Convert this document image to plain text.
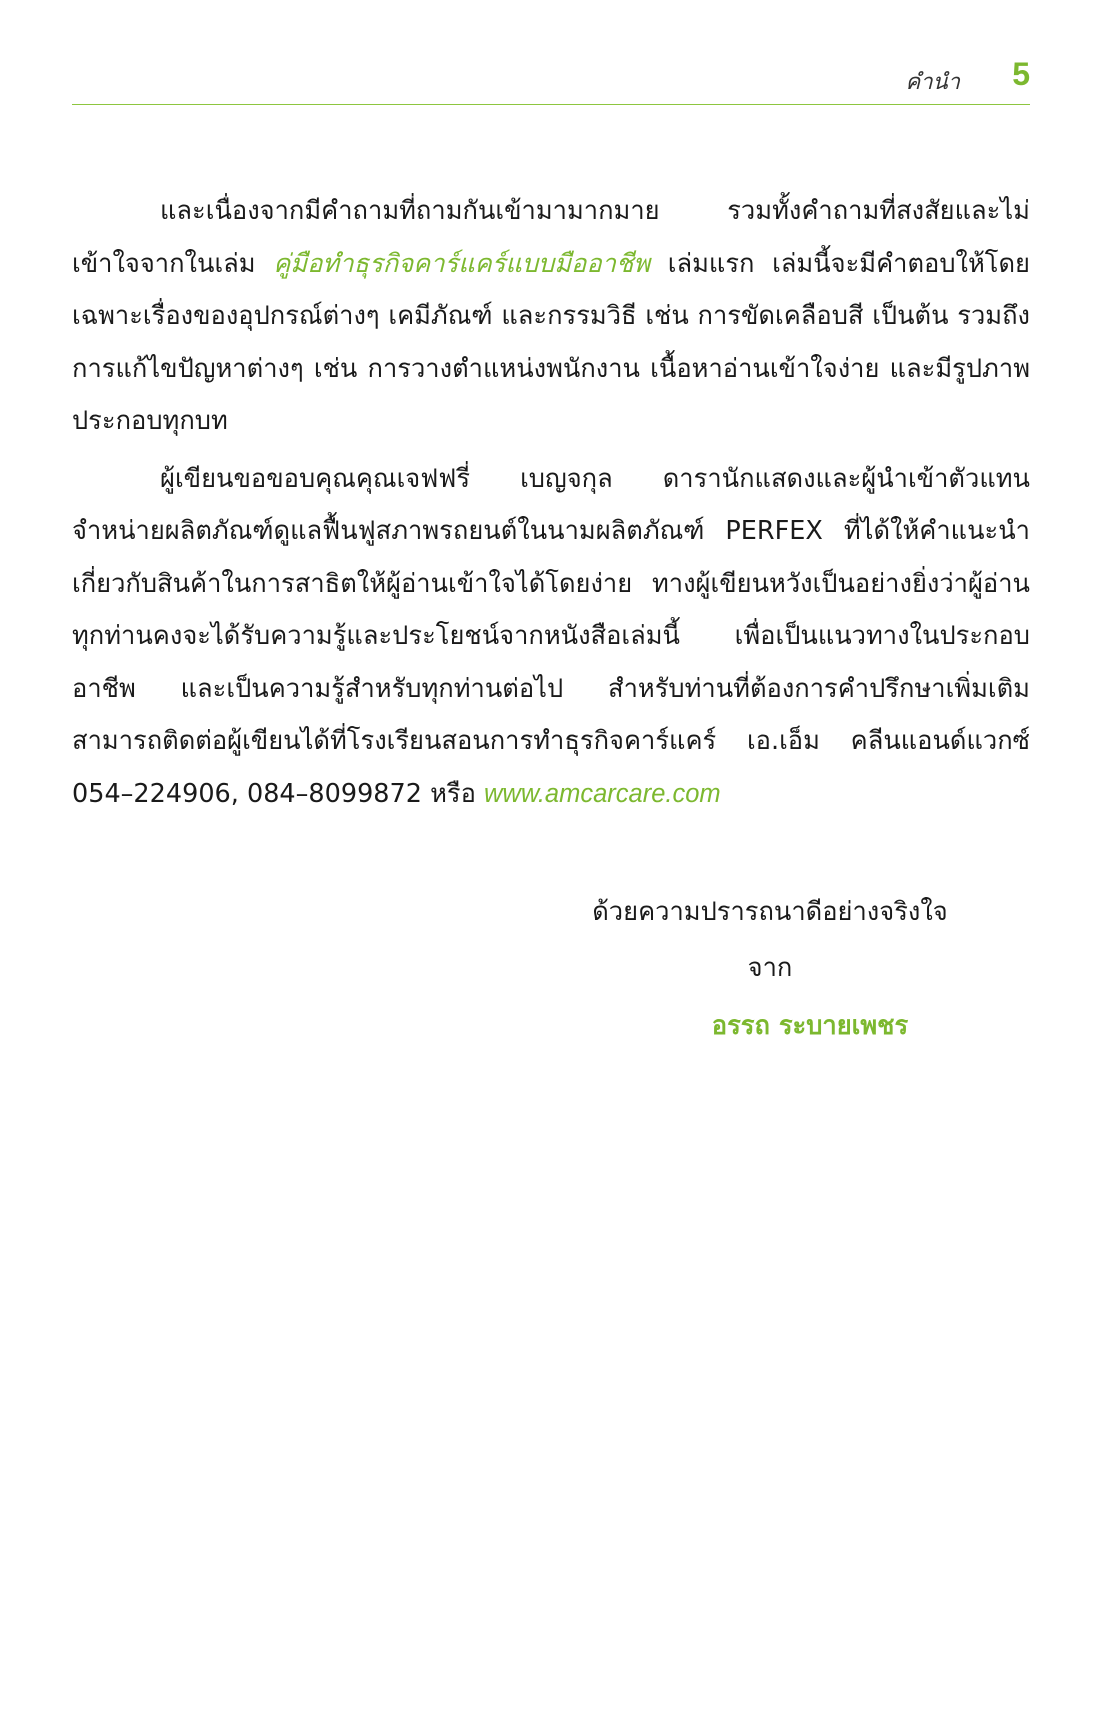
คำนำ 5

และเนื่องจากมีคำถามที่ถามกันเข้ามามากมาย รวมทั้งคำถามที่สงสัยและไม่เข้าใจจากในเล่ม คู่มือทำธุรกิจคาร์แคร์แบบมืออาชีพ เล่มแรก เล่มนี้จะมีคำตอบให้โดยเฉพาะเรื่องของอุปกรณ์ต่างๆ เคมีภัณฑ์ และกรรมวิธี เช่น การขัดเคลือบสี เป็นต้น รวมถึงการแก้ไขปัญหาต่างๆ เช่น การวางตำแหน่งพนักงาน เนื้อหาอ่านเข้าใจง่าย และมีรูปภาพประกอบทุกบท

ผู้เขียนขอขอบคุณคุณเจฟฟรี่ เบญจกุล ดารานักแสดงและผู้นำเข้าตัวแทนจำหน่ายผลิตภัณฑ์ดูแลฟื้นฟูสภาพรถยนต์ในนามผลิตภัณฑ์ PERFEX ที่ได้ให้คำแนะนำเกี่ยวกับสินค้าในการสาธิตให้ผู้อ่านเข้าใจได้โดยง่าย ทางผู้เขียนหวังเป็นอย่างยิ่งว่าผู้อ่านทุกท่านคงจะได้รับความรู้และประโยชน์จากหนังสือเล่มนี้ เพื่อเป็นแนวทางในประกอบอาชีพ และเป็นความรู้สำหรับทุกท่านต่อไป สำหรับท่านที่ต้องการคำปรึกษาเพิ่มเติม สามารถติดต่อผู้เขียนได้ที่โรงเรียนสอนการทำธุรกิจคาร์แคร์ เอ.เอ็ม คลีนแอนด์แวกซ์ 054–224906, 084–8099872 หรือ www.amcarcare.com

ด้วยความปรารถนาดีอย่างจริงใจ
จาก
อรรถ ระบายเพชร
